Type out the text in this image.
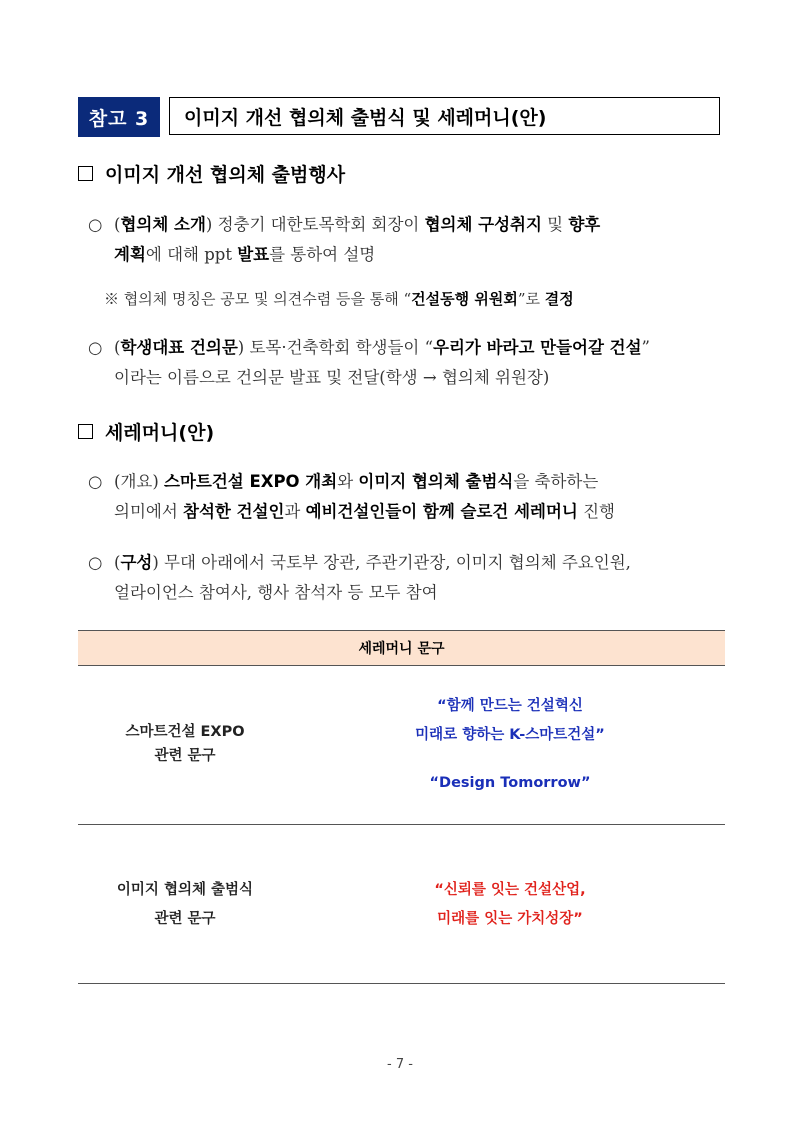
참고 3	이미지 개선 협의체 출범식 및 세레머니(안)
이미지 개선 협의체 출범행사
○ (협의체 소개) 정충기 대한토목학회 회장이 협의체 구성취지 및 향후
계획에 대해 ppt 발표를 통하여 설명
※ 협의체 명칭은 공모 및 의견수렴 등을 통해 “건설동행 위원회”로 결정
○ (학생대표 건의문) 토목·건축학회 학생들이 “우리가 바라고 만들어갈 건설”
이라는 이름으로 건의문 발표 및 전달(학생 → 협의체 위원장)
세레머니(안)
○ (개요) 스마트건설 EXPO 개최와 이미지 협의체 출범식을 축하하는
의미에서 참석한 건설인과 예비건설인들이 함께 슬로건 세레머니 진행
○ (구성) 무대 아래에서 국토부 장관, 주관기관장, 이미지 협의체 주요인원,
얼라이언스 참여사, 행사 참석자 등 모두 참여
세레머니 문구
스마트건설 EXPO
관련 문구
“함께 만드는 건설혁신
미래로 향하는 K-스마트건설”
“Design Tomorrow”
이미지 협의체 출범식
관련 문구
“신뢰를 잇는 건설산업,
미래를 잇는 가치성장”
- 7 -
